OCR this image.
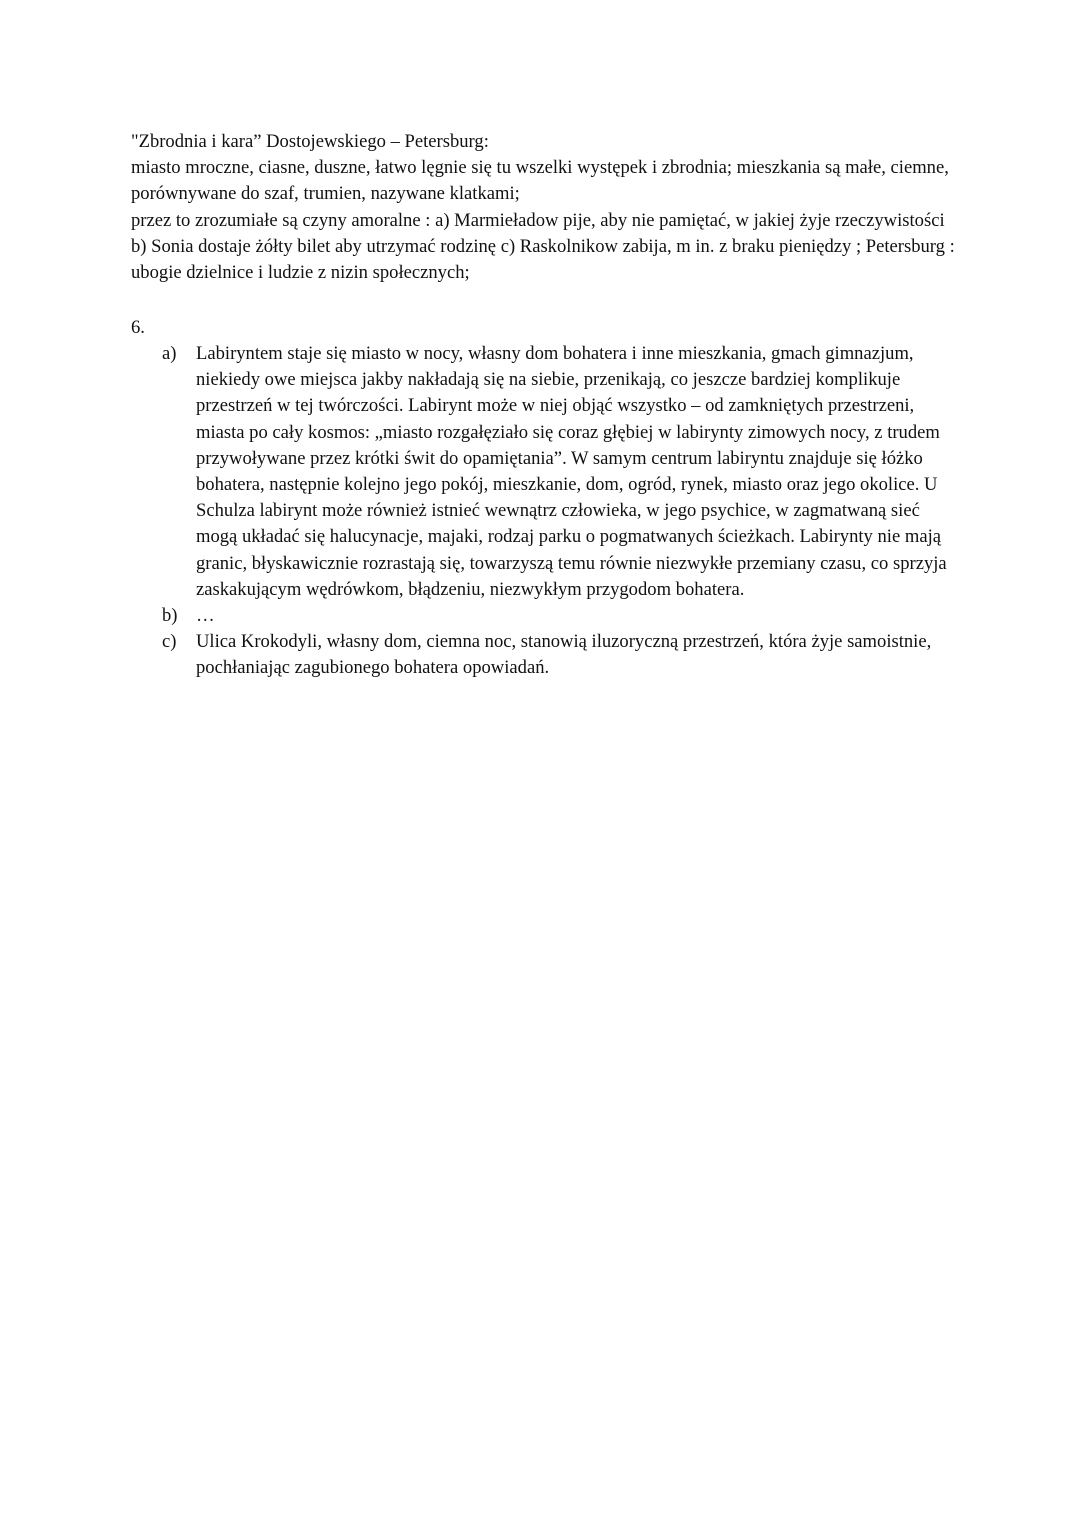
"Zbrodnia i kara” Dostojewskiego – Petersburg:

miasto mroczne, ciasne, duszne, łatwo lęgnie się tu wszelki występek i zbrodnia; mieszkania są małe, ciemne, porównywane do szaf, trumien, nazywane klatkami;

przez to zrozumiałe są czyny amoralne : a) Marmieładow pije, aby nie pamiętać, w jakiej żyje rzeczywistości b) Sonia dostaje żółty bilet aby utrzymać rodzinę c) Raskolnikow zabija, m in. z braku pieniędzy ; Petersburg : ubogie dzielnice i ludzie z nizin społecznych;

6.

a)	Labiryntem staje się miasto w nocy, własny dom bohatera i inne mieszkania, gmach gimnazjum, niekiedy owe miejsca jakby nakładają się na siebie, przenikają, co jeszcze bardziej komplikuje przestrzeń w tej twórczości. Labirynt może w niej objąć wszystko – od zamkniętych przestrzeni, miasta po cały kosmos: „miasto rozgałęziało się coraz głębiej w labirynty zimowych nocy, z trudem przywoływane przez krótki świt do opamiętania”. W samym centrum labiryntu znajduje się łóżko bohatera, następnie kolejno jego pokój, mieszkanie, dom, ogród, rynek, miasto oraz jego okolice. U Schulza labirynt może również istnieć wewnątrz człowieka, w jego psychice, w zagmatwaną sieć mogą układać się halucynacje, majaki, rodzaj parku o pogmatwanych ścieżkach. Labirynty nie mają granic, błyskawicznie rozrastają się, towarzyszą temu równie niezwykłe przemiany czasu, co sprzyja zaskakującym wędrówkom, błądzeniu, niezwykłym przygodom bohatera.
b) …
c)	Ulica Krokodyli, własny dom, ciemna noc, stanowią iluzoryczną przestrzeń, która żyje samoistnie, pochłaniając zagubionego bohatera opowiadań.
